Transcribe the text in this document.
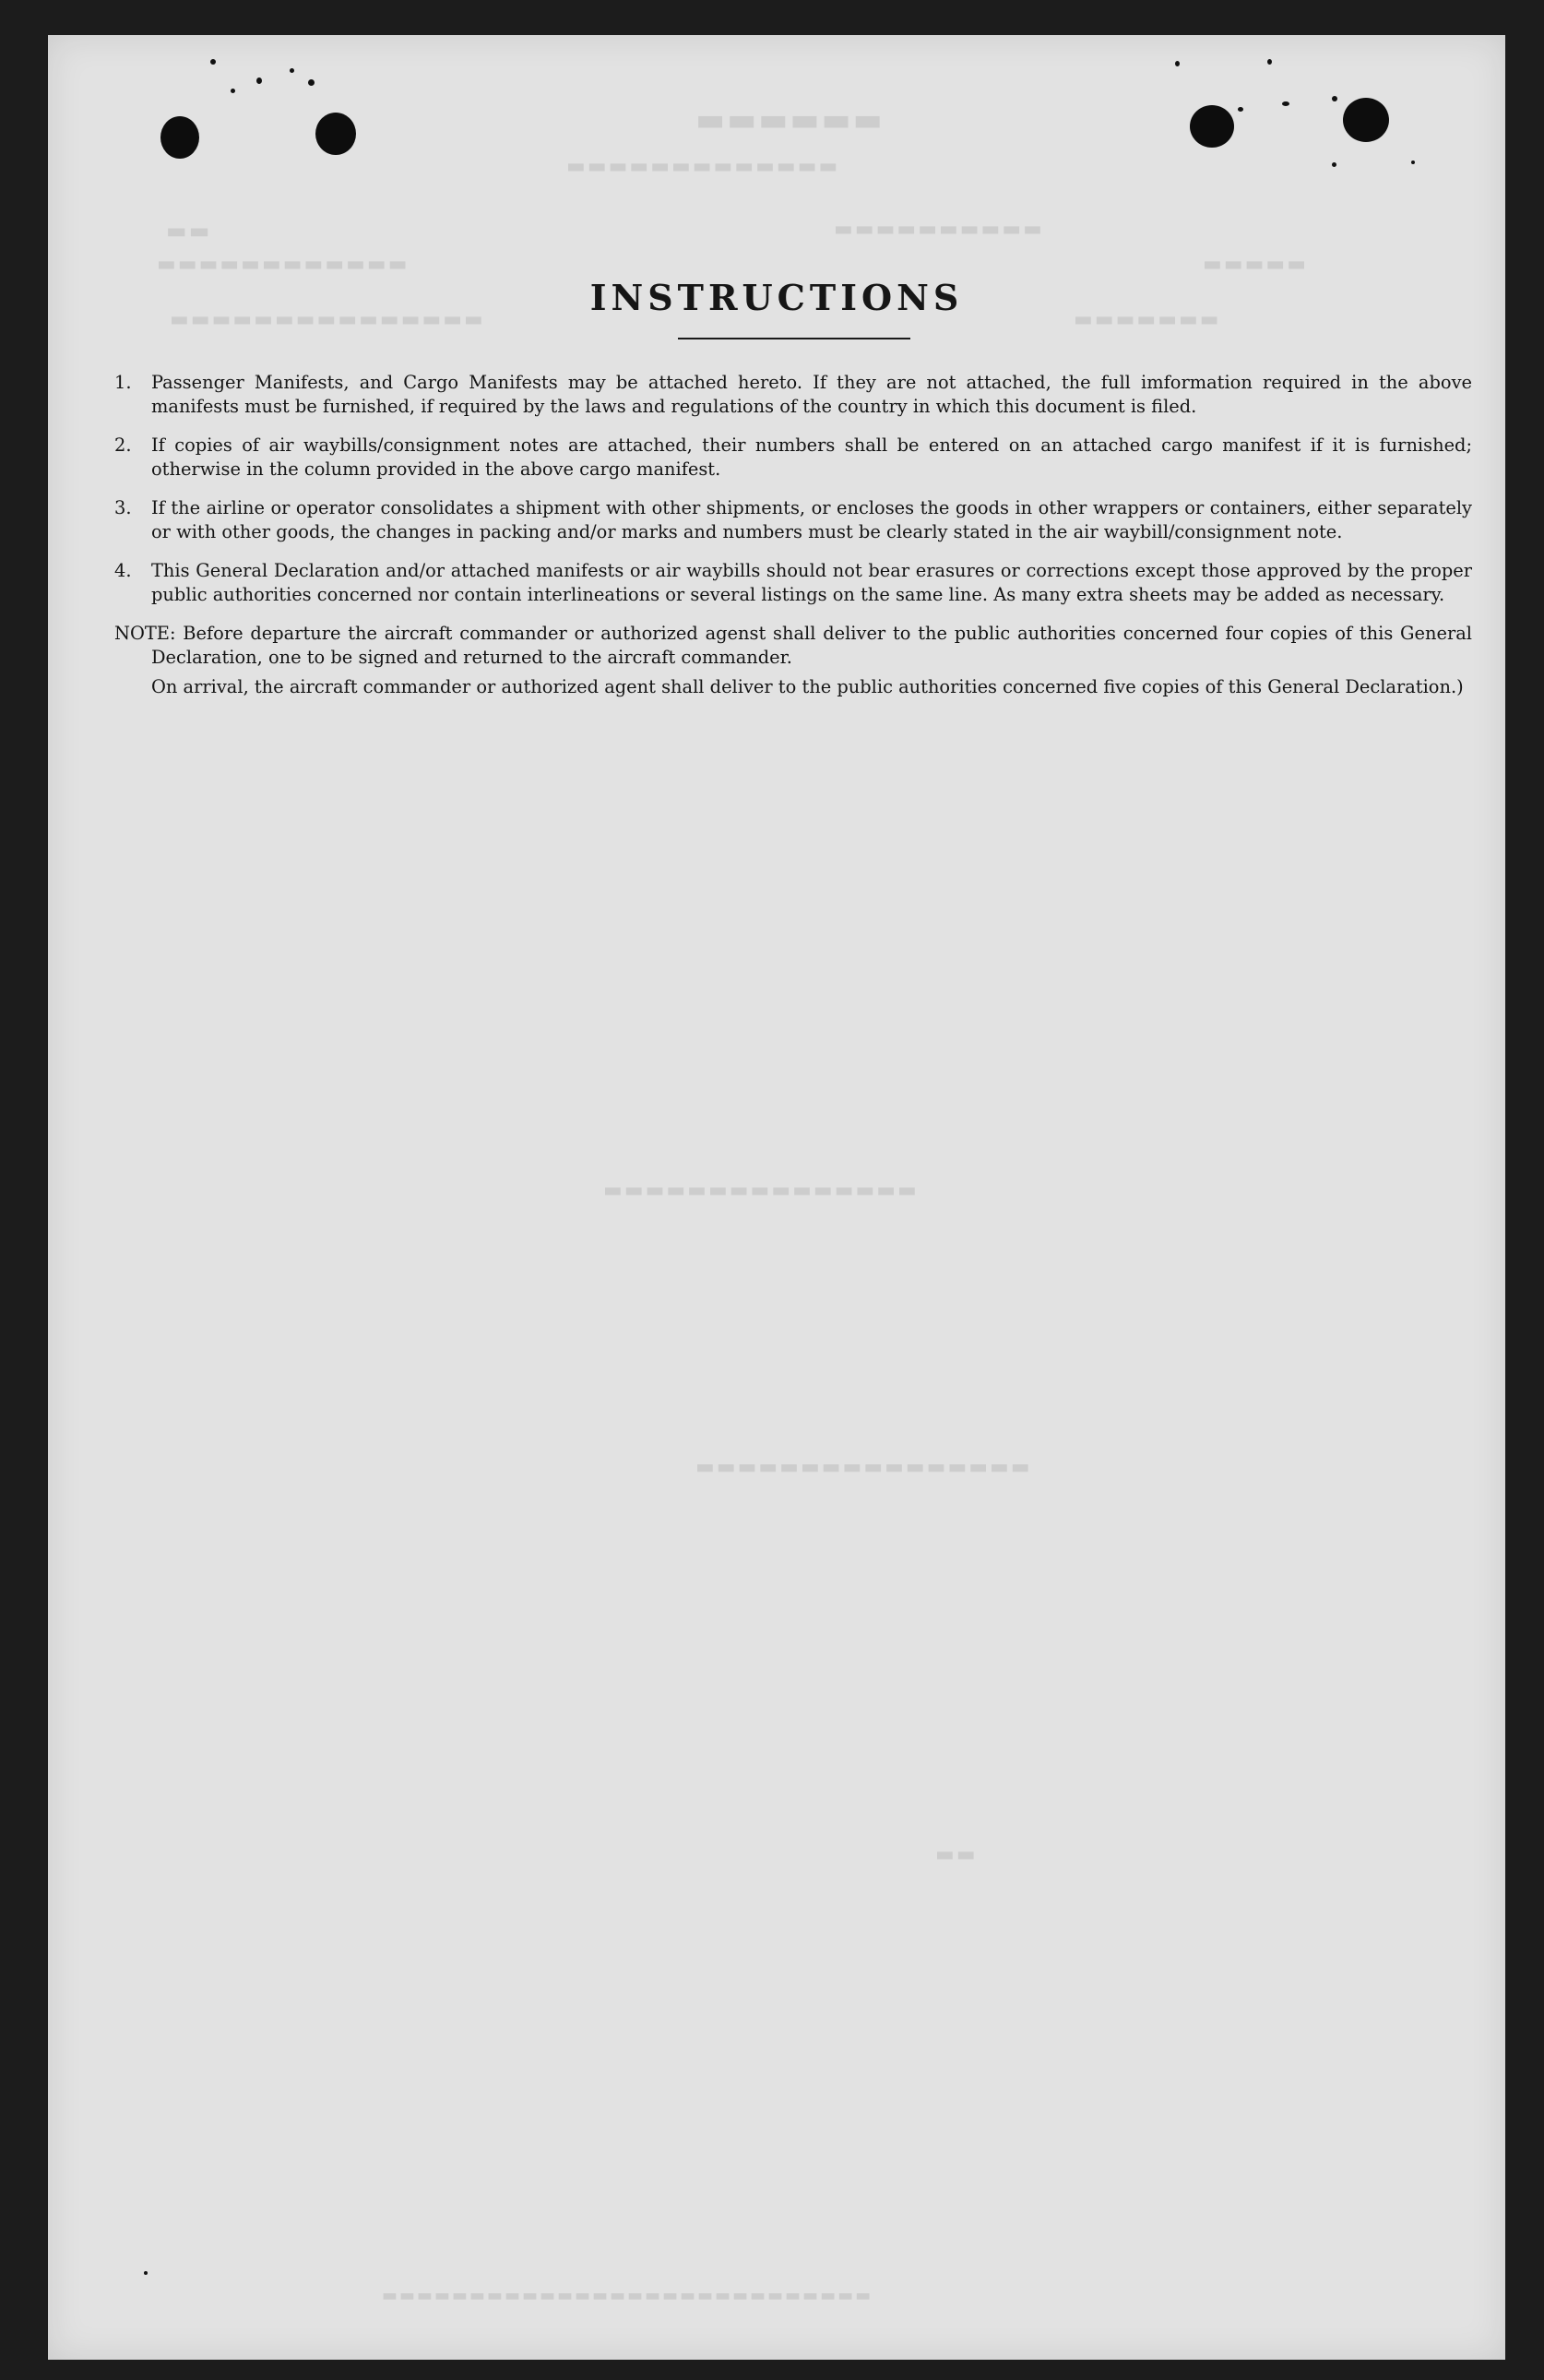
▬▬▬▬▬▬
▬▬▬▬▬▬▬▬▬▬▬▬▬
▬▬
▬▬▬▬▬▬▬▬▬▬▬▬
▬▬▬▬▬▬▬▬▬▬
▬▬▬▬▬
▬▬▬▬▬▬▬
▬▬▬▬▬▬▬▬▬▬▬▬▬▬▬
▬▬▬▬▬▬▬▬▬▬▬▬▬▬▬
▬▬▬▬▬▬▬▬▬▬▬▬▬▬▬▬
▬▬
▬▬▬▬▬▬▬▬▬▬▬▬▬▬▬▬▬▬▬▬▬▬▬▬▬▬▬▬
INSTRUCTIONS
1. Passenger Manifests, and Cargo Manifests may be attached hereto. If they are not attached, the full imformation required in the above manifests must be furnished, if required by the laws and regulations of the country in which this document is filed.
2. If copies of air waybills/consignment notes are attached, their numbers shall be entered on an attached cargo manifest if it is furnished; otherwise in the column provided in the above cargo manifest.
3. If the airline or operator consolidates a shipment with other shipments, or encloses the goods in other wrappers or containers, either separately or with other goods, the changes in packing and/or marks and numbers must be clearly stated in the air waybill/consignment note.
4. This General Declaration and/or attached manifests or air waybills should not bear erasures or corrections except those approved by the proper public authorities concerned nor contain interlineations or several listings on the same line. As many extra sheets may be added as necessary.
NOTE: Before departure the aircraft commander or authorized agenst shall deliver to the public authorities concerned four copies of this General Declaration, one to be signed and returned to the aircraft commander.
On arrival, the aircraft commander or authorized agent shall deliver to the public authorities concerned five copies of this General Declaration.)
